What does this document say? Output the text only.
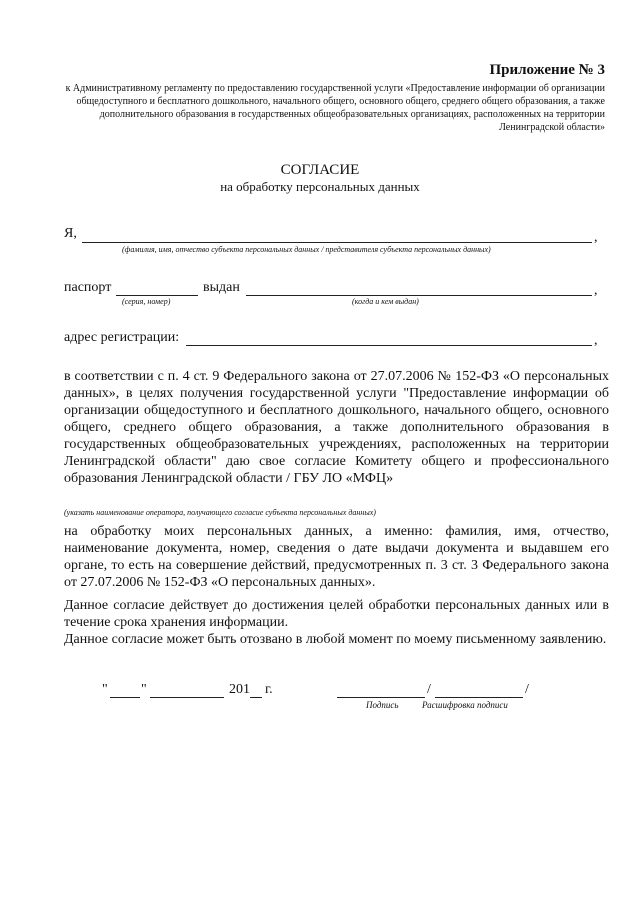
Приложение № 3
к Административному регламенту по предоставлению государственной услуги «Предоставление информации об организации общедоступного и бесплатного дошкольного, начального общего, основного общего, среднего общего образования, а также дополнительного образования в государственных общеобразовательных организациях, расположенных на территории Ленинградской области»
СОГЛАСИЕ
на обработку персональных данных
Я,	,
(фамилия, имя, отчество субъекта персональных данных / представителя субъекта персональных данных)
паспорт
(серия, номер)
выдан	,
(когда и кем выдан)
адрес регистрации:	,
в соответствии с п. 4 ст. 9 Федерального закона от 27.07.2006 № 152-ФЗ «О персональных данных», в целях получения государственной услуги "Предоставление информации об организации общедоступного и бесплатного дошкольного, начального общего, основного общего, среднего общего образования, а также дополнительного образования в государственных общеобразовательных учреждениях, расположенных на территории Ленинградской области" даю свое согласие Комитету общего и профессионального образования Ленинградской области / ГБУ ЛО «МФЦ»
(указать наименование оператора, получающего согласие субъекта персональных данных)
на обработку моих персональных данных, а именно: фамилия, имя, отчество, наименование документа, номер, сведения о дате выдачи документа и выдавшем его органе, то есть на совершение действий, предусмотренных п. 3 ст. 3 Федерального закона от 27.07.2006 № 152-ФЗ «О персональных данных».
Данное согласие действует до достижения целей обработки персональных данных или в течение срока хранения информации.
Данное согласие может быть отозвано в любой момент по моему письменному заявлению.
" "	201 г.	/	/
Подпись	Расшифровка подписи
